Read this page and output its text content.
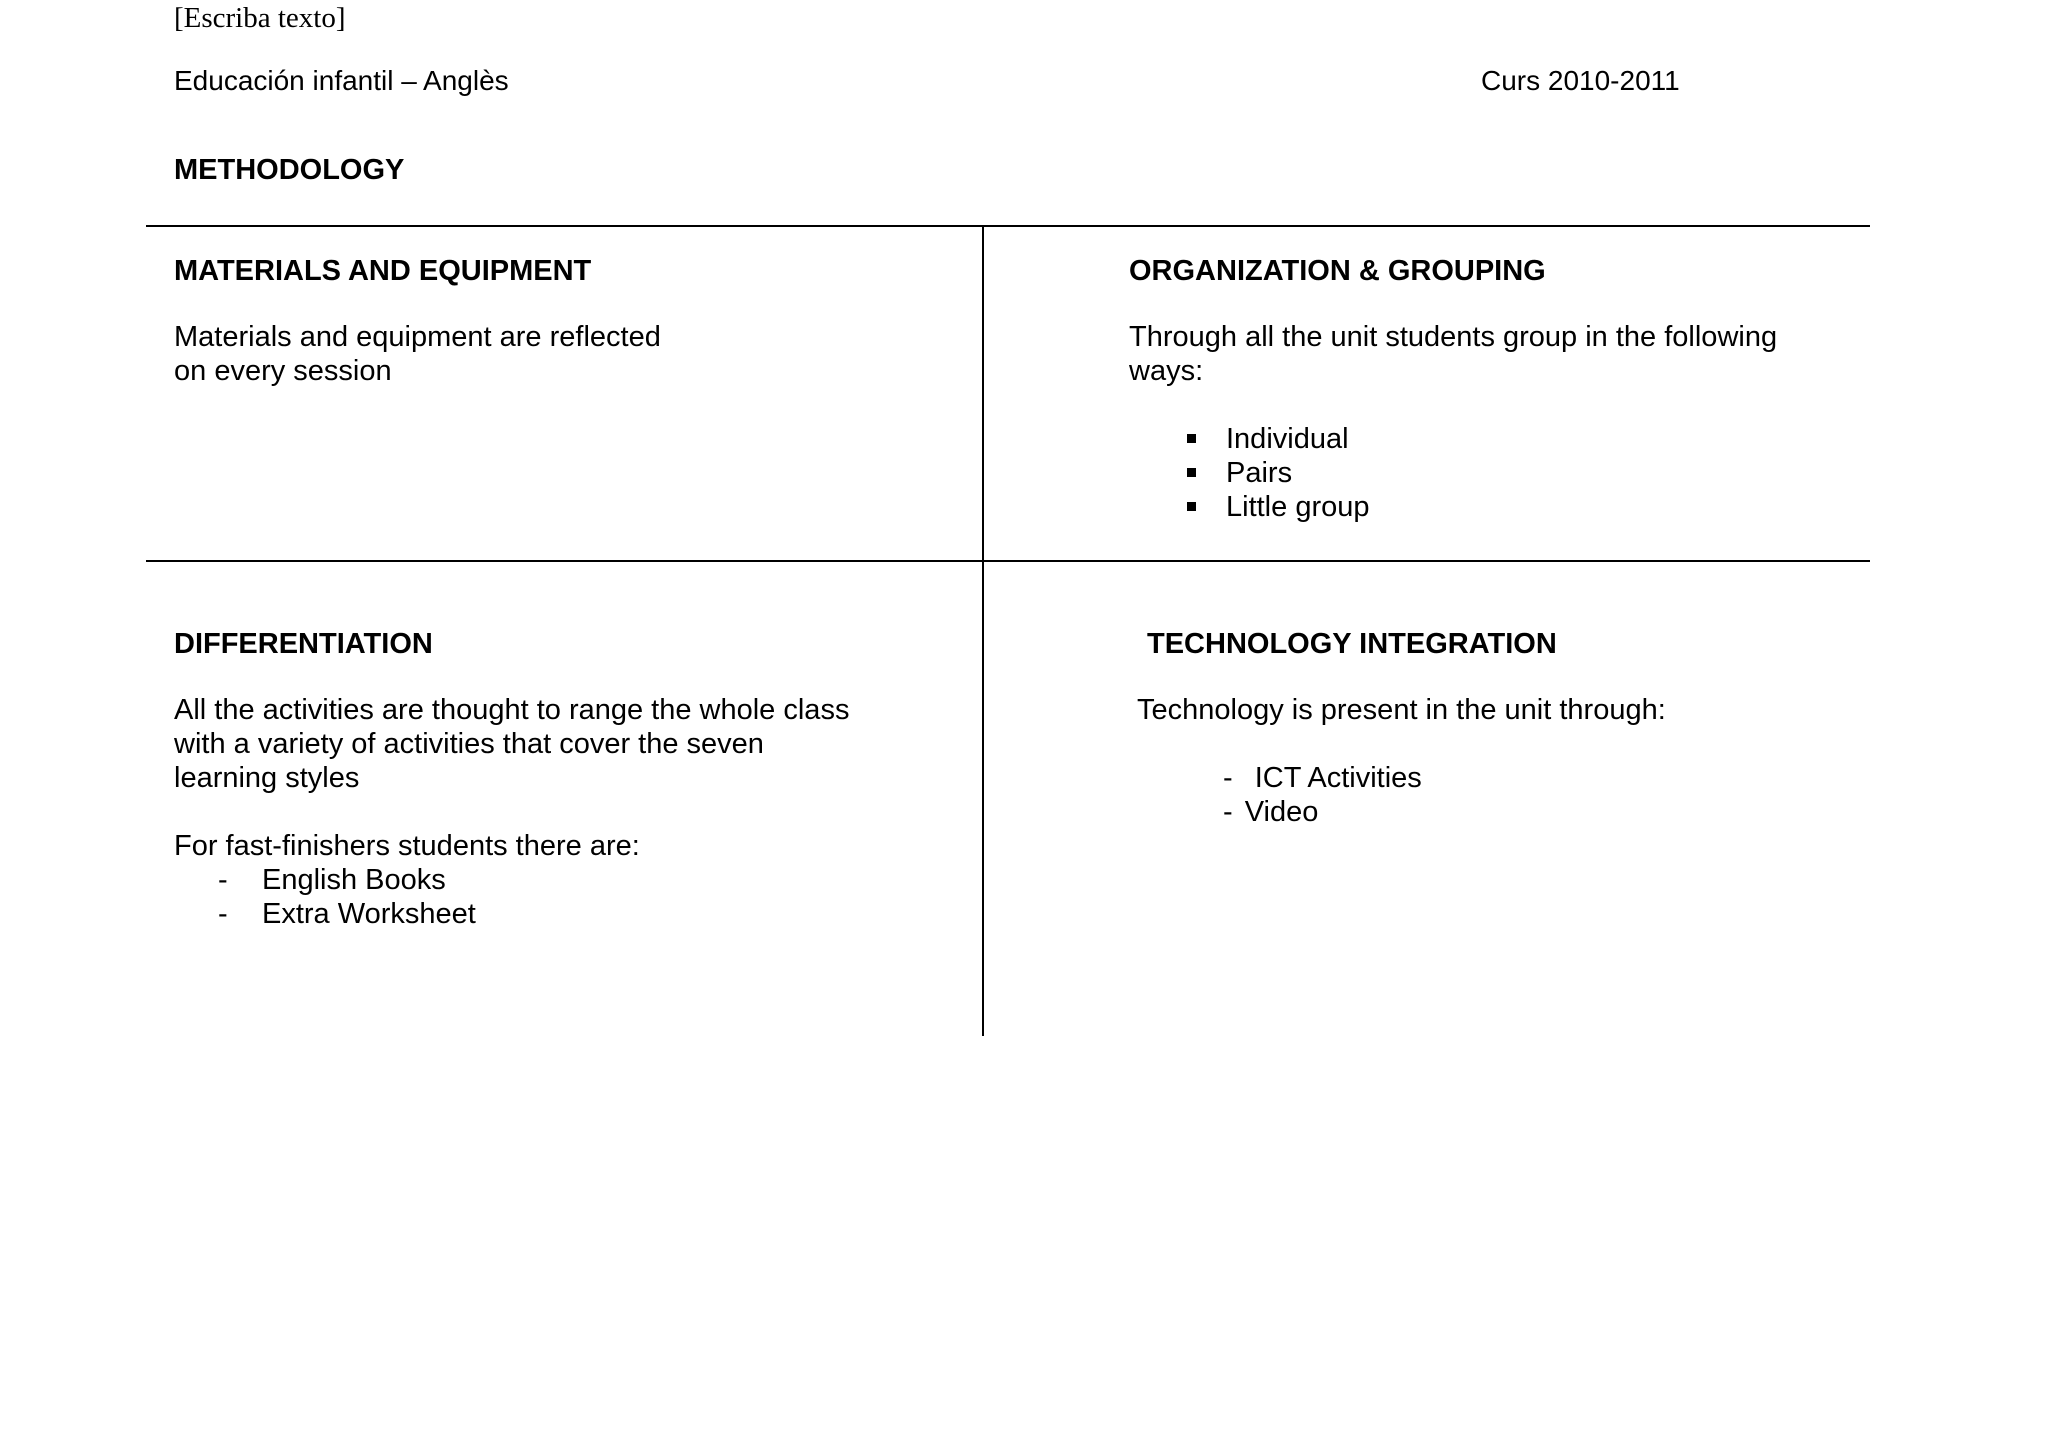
[Escriba texto]
Educación infantil – Anglès	Curs 2010-2011
METHODOLOGY
MATERIALS AND EQUIPMENT

Materials and equipment are reflected

on every session

ORGANIZATION & GROUPING

Through all the unit students group in the following

ways:

Individual
Pairs
Little group
DIFFERENTIATION

All the activities are thought to range the whole class

with a variety of activities that cover the seven

learning styles

For fast-finishers students there are:

- English Books
- Extra Worksheet
TECHNOLOGY INTEGRATION

Technology is present in the unit through:

- ICT Activities
- Video
